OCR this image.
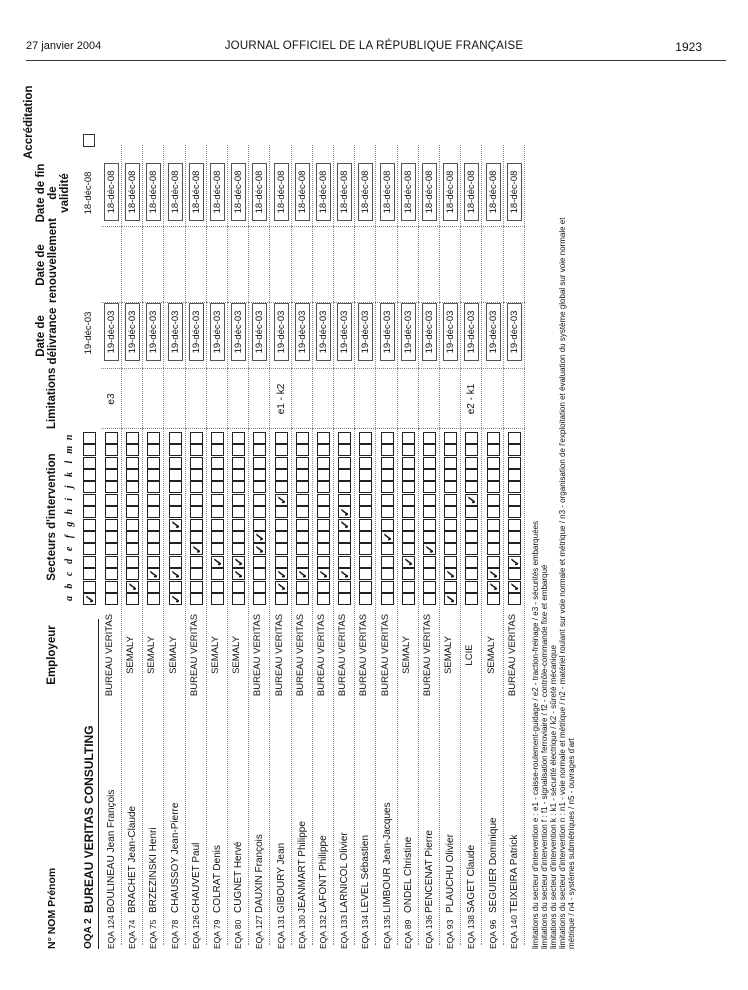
27 janvier 2004	JOURNAL OFFICIEL DE LA RÉPUBLIQUE FRANÇAISE	1923
N° NOM Prénom
Employeur
Secteurs d'intervention
Limitations
Date de délivrance
Date de renouvellement
Date de fin de validité
Accréditation
a
b
c
d
e
f
g
h
i
j
k
l
m
n
OQA 2
BUREAU VERITAS CONSULTING
✓
19-déc-03
18-déc-08
EQA 124
BOULINEAU Jean François
BUREAU VERITAS
e3
19-déc-03
18-déc-08
EQA 74
BRACHET Jean-Claude
SEMALY
19-déc-03
18-déc-08
✓
EQA 75
BRZEZINSKI Henri
SEMALY
19-déc-03
18-déc-08
✓
EQA 78
CHAUSSOY Jean-Pierre
SEMALY
19-déc-03
18-déc-08
✓
✓
✓
EQA 126
CHAUVET Paul
BUREAU VERITAS
19-déc-03
18-déc-08
✓
EQA 79
COLRAT Denis
SEMALY
19-déc-03
18-déc-08
✓
EQA 80
CUGNET Hervé
SEMALY
19-déc-03
18-déc-08
✓
✓
EQA 127
DAUXIN François
BUREAU VERITAS
19-déc-03
18-déc-08
✓
✓
EQA 131
GIBOURY Jean
BUREAU VERITAS
e1 - k2
19-déc-03
18-déc-08
✓
✓
✓
EQA 130
JEANMART Philippe
BUREAU VERITAS
19-déc-03
18-déc-08
✓
EQA 132
LAFONT Philippe
BUREAU VERITAS
19-déc-03
18-déc-08
✓
EQA 133
LARNICOL Olivier
BUREAU VERITAS
19-déc-03
18-déc-08
✓
✓
✓
EQA 134
LEVEL Sébastien
BUREAU VERITAS
19-déc-03
18-déc-08
EQA 135
LIMBOUR Jean-Jacques
BUREAU VERITAS
19-déc-03
18-déc-08
✓
EQA 89
ONDEL Christine
SEMALY
19-déc-03
18-déc-08
✓
EQA 136
PENCENAT Pierre
BUREAU VERITAS
19-déc-03
18-déc-08
✓
EQA 93
PLAUCHU Olivier
SEMALY
19-déc-03
18-déc-08
✓
✓
EQA 138
SAGET Claude
LCIE
e2 - k1
19-déc-03
18-déc-08
✓
EQA 96
SEGUIER Dominique
SEMALY
19-déc-03
18-déc-08
✓
✓
EQA 140
TEIXEIRA Patrick
BUREAU VERITAS
19-déc-03
18-déc-08
✓
✓ limitations du secteur d'intervention e : e1 - caisse-roulement-guidage / e2 - traction-freinage / e3 - sécurités embarquées limitations du secteur d'intervention f : f1 - signalisation ferroviaire / f2 - contrôle-commande fixe et embarqué limitations du secteur d'intervention k : k1 - sécurité électrique / k2 - sûreté mécanique limitations du secteur d'intervention n : n1 - voie normale et métrique / n2 - matériel roulant sur voie normale et métrique / n3 - organisation de l'exploitation et évaluation du système global sur voie normale et métrique / n4 - systèmes submétriques / n5 - ouvrages d'art
